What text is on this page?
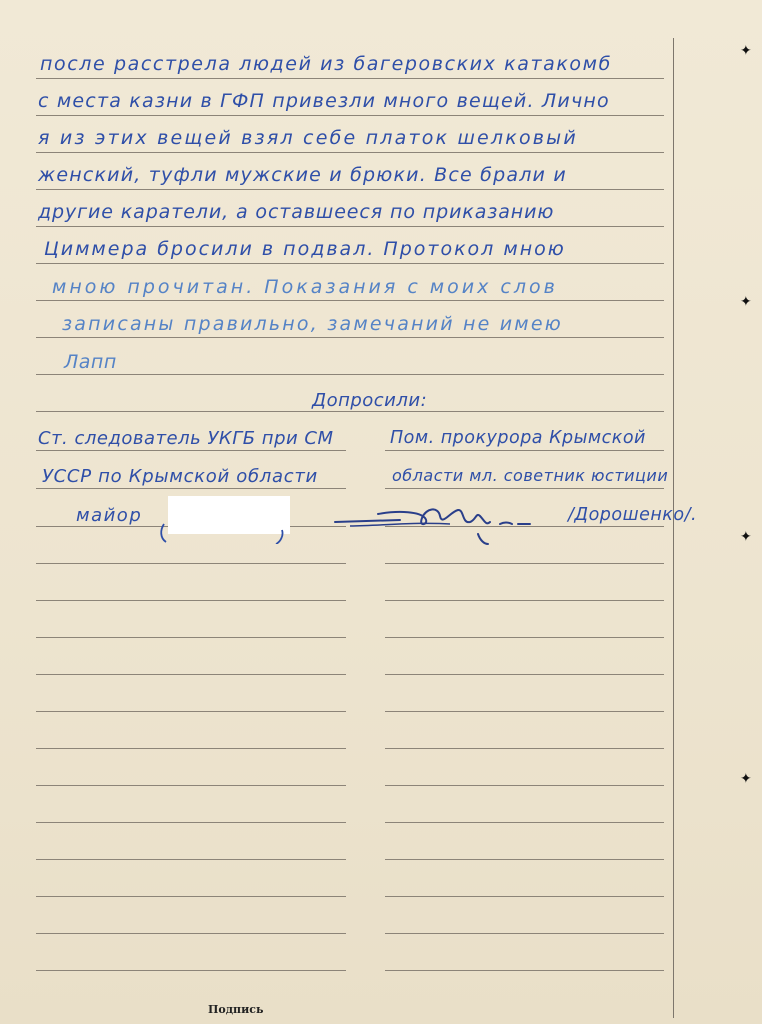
✦
✦
✦
✦
после расстрела людей из багеровских катакомб
с места казни в ГФП привезли много вещей. Лично
я из этих вещей взял себе платок шелковый
женский, туфли мужские и брюки. Все брали и
другие каратели, а оставшееся по приказанию
Циммера бросили в подвал. Протокол мною
мною прочитан. Показания с моих слов
записаны правильно, замечаний не имею
Лапп
Допросили:
Ст. следователь УКГБ при СМ
УССР по Крымской области
майор
Пом. прокурора Крымской
области мл. советник юстиции
/Дорошенко/.
Подпись
